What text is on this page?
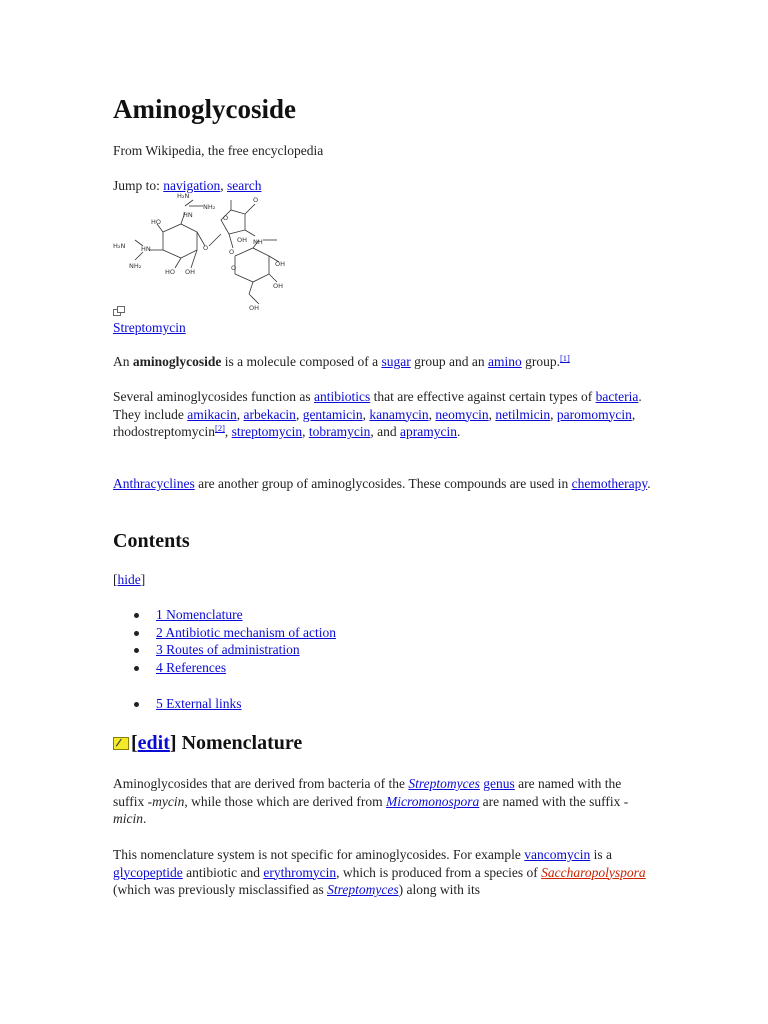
Aminoglycoside
From Wikipedia, the free encyclopedia
Jump to: navigation, search
H₂N
NH₂
HN
HO
H₂N HN
NH₂
HO OH
O
O
O
OH
O
NH
O	OH
OH
OH
Streptomycin

An aminoglycoside is a molecule composed of a sugar group and an amino group.[1]

Several aminoglycosides function as antibiotics that are effective against certain types of bacteria. They include amikacin, arbekacin, gentamicin, kanamycin, neomycin, netilmicin, paromomycin, rhodostreptomycin[2], streptomycin, tobramycin, and apramycin.

Anthracyclines are another group of aminoglycosides. These compounds are used in chemotherapy.

Contents
[hide]
1 Nomenclature
2 Antibiotic mechanism of action
3 Routes of administration
4 References
5 External links
[ edit ] Nomenclature

Aminoglycosides that are derived from bacteria of the Streptomyces genus are named with the suffix -mycin, while those which are derived from Micromonospora are named with the suffix -micin.

This nomenclature system is not specific for aminoglycosides. For example vancomycin is a glycopeptide antibiotic and erythromycin, which is produced from a species of Saccharopolyspora (which was previously misclassified as Streptomyces) along with its
